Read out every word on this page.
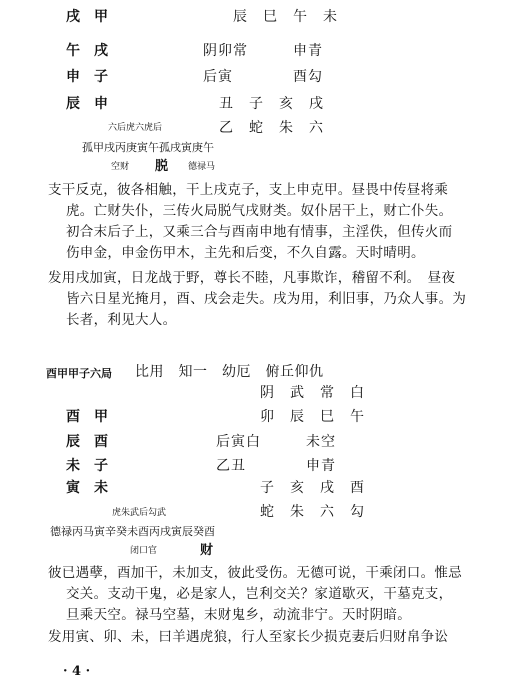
戌　甲	辰　巳　午　未
午　戌	阴卯常　　　申青
申　子	后寅　　　　酉勾
辰　申	丑　子　亥　戌
六后虎六虎后	乙　蛇　朱　六
孤甲戌丙庚寅午孤戌寅庚午
空财 脱 德禄马
支干反克，彼各相触，干上戌克子，支上申克甲。昼畏中传昼将乘
虎。亡财失仆，三传火局脱气戌财类。奴仆居干上，财亡仆失。
初合末后子上，又乘三合与酉南申地有情事，主淫佚，但传火而
伤申金，申金伤甲木，主先和后变，不久自露。天时晴明。
发用戌加寅，日龙战于野，尊长不睦，凡事欺诈，稽留不利。　昼夜
皆六日星光掩月，酉、戌会走失。戌为用，利旧事，乃众人事。为
长者，利见大人。
酉甲甲子六局 比用　知一　幼厄　俯丘仰仇
阴　武　常　白
酉　甲	卯　辰　巳　午
辰　酉	后寅白　　　未空
未　子	乙丑　　　　申青
寅　未	子　亥　戌　酉
虎朱武后勾武	蛇　朱　六　勾
德禄丙马寅辛癸未酉丙戌寅辰癸酉
闭口官	财
彼已遇孽，酉加干，未加支，彼此受伤。无德可说，干乘闭口。惟忌
交关。支动干鬼，必是家人，岂利交关？家道歇灭，干墓克支，
旦乘天空。禄马空墓，末财鬼乡，动流非宁。天时阴暗。
发用寅、卯、未，曰羊遇虎狼，行人至家长少损克妻后归财帛争讼
· 4 ·
